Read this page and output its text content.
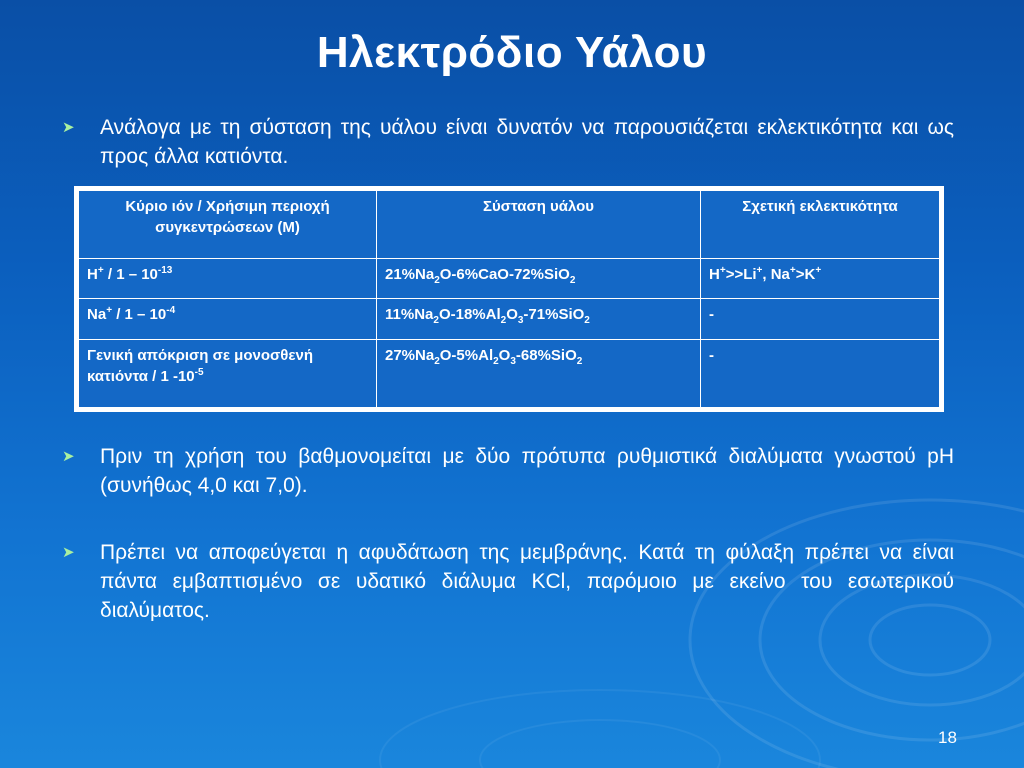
Ηλεκτρόδιο Υάλου
➤	Ανάλογα με τη σύσταση της υάλου είναι δυνατόν να παρουσιάζεται εκλεκτικότητα και ως προς άλλα κατιόντα.
Κύριο ιόν / Χρήσιμη περιοχή συγκεντρώσεων (Μ)	Σύσταση υάλου	Σχετική εκλεκτικότητα
$H^+ / 1 - 10^{-13}$	$21\%Na_2O-6\%CaO-72\%SiO_2$	H+>>Li+, Na+>K+
$Na^+ / 1 - 10^{-4}$	$11\%Na_2O-18\%Al_2O_3-71\%SiO_2$	-
Γενική απόκριση σε μονοσθενή κατιόντα / 1 $-10^{-5}$	$27\%Na_2O-5\%Al_2O_3-68\%SiO_2$	-
➤	Πριν τη χρήση του βαθμονομείται με δύο πρότυπα ρυθμιστικά διαλύματα γνωστού pH (συνήθως 4,0 και 7,0).
➤	Πρέπει να αποφεύγεται η αφυδάτωση της μεμβράνης. Κατά τη φύλαξη πρέπει να είναι πάντα εμβαπτισμένο σε υδατικό διάλυμα KCl, παρόμοιο με εκείνο του εσωτερικού διαλύματος.
18
